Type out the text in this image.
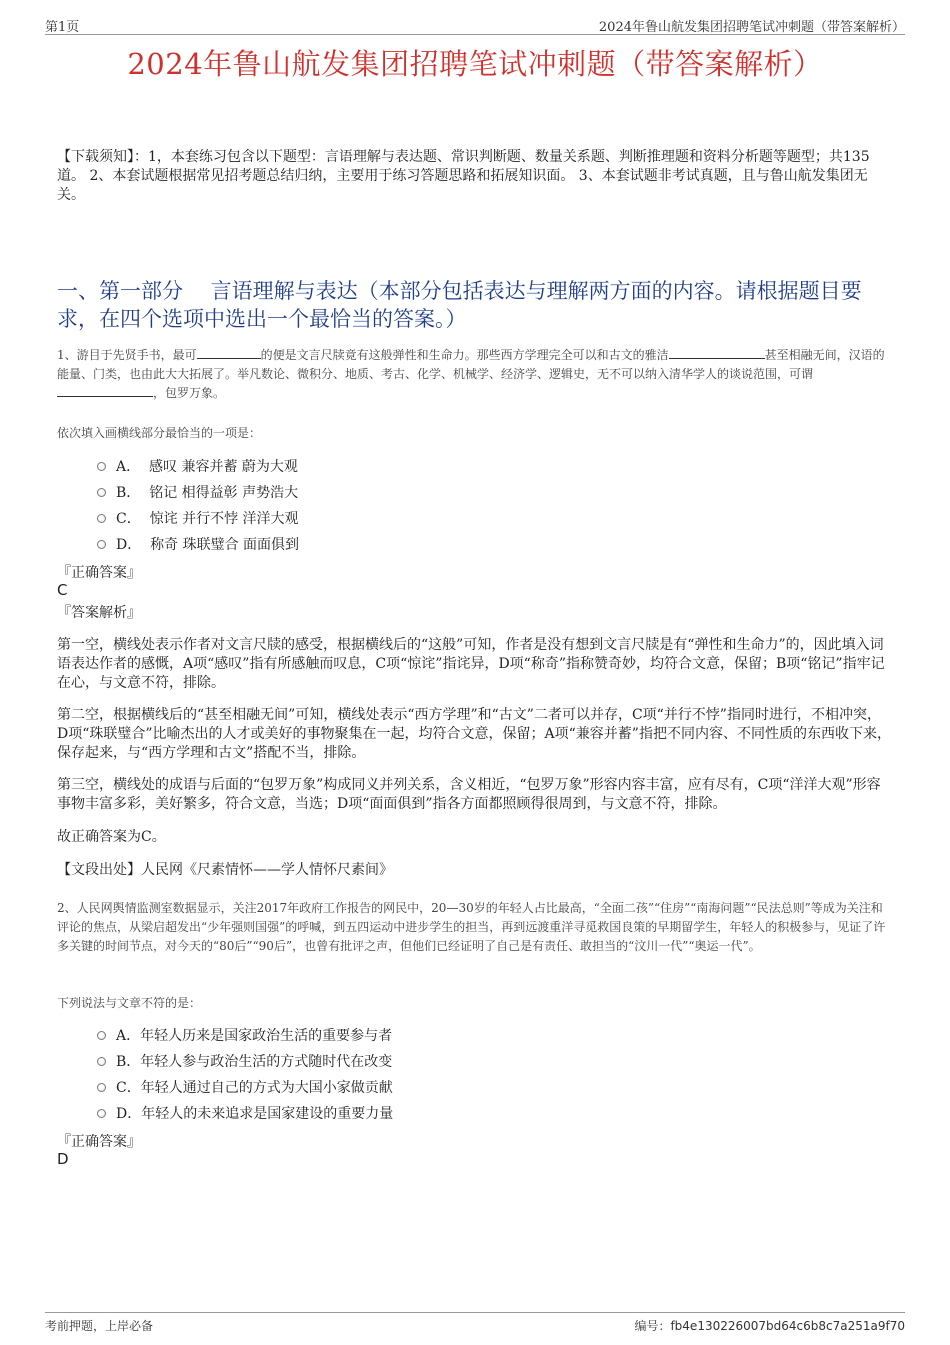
第1页	2024年鲁山航发集团招聘笔试冲刺题（带答案解析）
2024年鲁山航发集团招聘笔试冲刺题（带答案解析）
【下载须知】：1，本套练习包含以下题型：言语理解与表达题、常识判断题、数量关系题、判断推理题和资料分析题等题型；共135道。 2、本套试题根据常见招考题总结归纳，主要用于练习答题思路和拓展知识面。 3、本套试题非考试真题，且与鲁山航发集团无关。
一、第一部分　 言语理解与表达（本部分包括表达与理解两方面的内容。请根据题目要求，在四个选项中选出一个最恰当的答案。）
1、游目于先贤手书，最可	的便是文言尺牍竟有这般弹性和生命力。那些西方学理完全可以和古文的雅洁	甚至相融无间，汉语的能量、门类，也由此大大拓展了。举凡数论、微积分、地质、考古、化学、机械学、经济学、逻辑史，无不可以纳入清华学人的谈说范围，可谓，包罗万象。
依次填入画横线部分最恰当的一项是：
A．
感叹 兼容并蓄 蔚为大观
B．
铭记 相得益彰 声势浩大
C．
惊诧 并行不悖 洋洋大观
D．
称奇 珠联璧合 面面俱到
『正确答案』
C
『答案解析』
第一空，横线处表示作者对文言尺牍的感受，根据横线后的“这般”可知，作者是没有想到文言尺牍是有“弹性和生命力”的，因此填入词语表达作者的感慨，A项“感叹”指有所感触而叹息，C项“惊诧”指诧异，D项“称奇”指称赞奇妙，均符合文意，保留；B项“铭记”指牢记在心，与文意不符，排除。
第二空，根据横线后的“甚至相融无间”可知，横线处表示“西方学理”和“古文”二者可以并存，C项“并行不悖”指同时进行，不相冲突，D项“珠联璧合”比喻杰出的人才或美好的事物聚集在一起，均符合文意，保留；A项“兼容并蓄”指把不同内容、不同性质的东西收下来，保存起来，与“西方学理和古文”搭配不当，排除。
第三空，横线处的成语与后面的“包罗万象”构成同义并列关系，含义相近，“包罗万象”形容内容丰富，应有尽有，C项“洋洋大观”形容事物丰富多彩，美好繁多，符合文意，当选；D项“面面俱到”指各方面都照顾得很周到，与文意不符，排除。
故正确答案为C。
【文段出处】人民网《尺素情怀——学人情怀尺素间》
2、人民网舆情监测室数据显示，关注2017年政府工作报告的网民中，20—30岁的年轻人占比最高，“全面二孩”“住房”“南海问题”“民法总则”等成为关注和评论的焦点，从梁启超发出“少年强则国强”的呼喊，到五四运动中进步学生的担当，再到远渡重洋寻觅救国良策的早期留学生，年轻人的积极参与，见证了许多关键的时间节点，对今天的“80后”“90后”，也曾有批评之声，但他们已经证明了自己是有责任、敢担当的“汶川一代”“奥运一代”。
下列说法与文章不符的是：
A． 年轻人历来是国家政治生活的重要参与者
B． 年轻人参与政治生活的方式随时代在改变
C． 年轻人通过自己的方式为大国小家做贡献
D． 年轻人的未来追求是国家建设的重要力量
『正确答案』
D
考前押题，上岸必备	编号：fb4e130226007bd64c6b8c7a251a9f70
